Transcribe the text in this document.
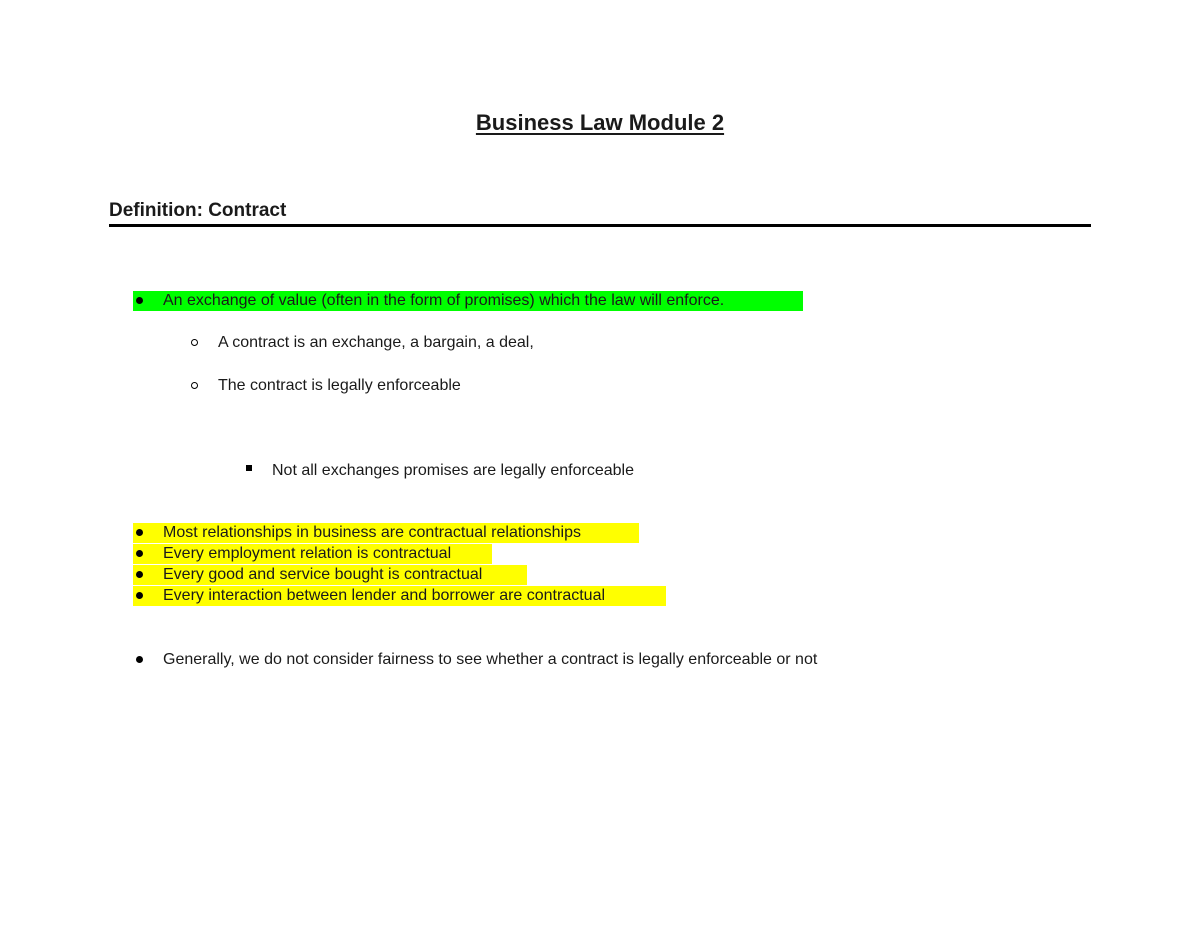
Business Law Module 2
Definition: Contract
An exchange of value (often in the form of promises) which the law will enforce.
A contract is an exchange, a bargain, a deal,
The contract is legally enforceable
Not all exchanges promises are legally enforceable
Most relationships in business are contractual relationships
Every employment relation is contractual
Every good and service bought is contractual
Every interaction between lender and borrower are contractual
Generally, we do not consider fairness to see whether a contract is legally enforceable or not
